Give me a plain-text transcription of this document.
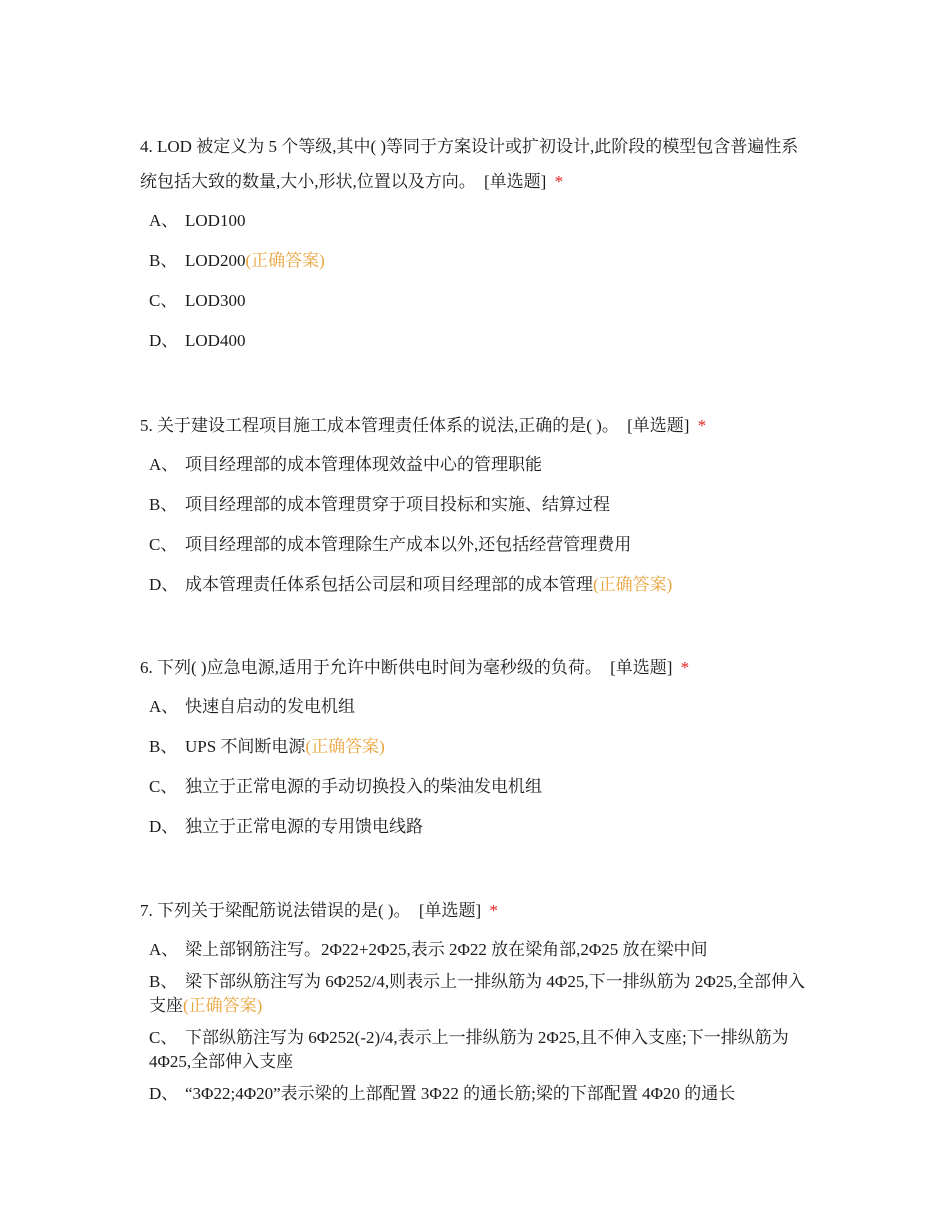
4. LOD 被定义为 5 个等级,其中( )等同于方案设计或扩初设计,此阶段的模型包含普遍性系统包括大致的数量,大小,形状,位置以及方向。 [单选题] *
A、 LOD100
B、 LOD200(正确答案)
C、 LOD300
D、 LOD400
5. 关于建设工程项目施工成本管理责任体系的说法,正确的是( )。 [单选题] *
A、 项目经理部的成本管理体现效益中心的管理职能
B、 项目经理部的成本管理贯穿于项目投标和实施、结算过程
C、 项目经理部的成本管理除生产成本以外,还包括经营管理费用
D、 成本管理责任体系包括公司层和项目经理部的成本管理(正确答案)
6. 下列( )应急电源,适用于允许中断供电时间为毫秒级的负荷。 [单选题] *
A、 快速自启动的发电机组
B、 UPS 不间断电源(正确答案)
C、 独立于正常电源的手动切换投入的柴油发电机组
D、 独立于正常电源的专用馈电线路
7. 下列关于梁配筋说法错误的是( )。 [单选题] *
A、 梁上部钢筋注写。2Φ22+2Φ25,表示 2Φ22 放在梁角部,2Φ25 放在梁中间
B、 梁下部纵筋注写为 6Φ252/4,则表示上一排纵筋为 4Φ25,下一排纵筋为 2Φ25,全部伸入支座(正确答案)
C、 下部纵筋注写为 6Φ252(-2)/4,表示上一排纵筋为 2Φ25,且不伸入支座;下一排纵筋为 4Φ25,全部伸入支座
D、 “3Φ22;4Φ20”表示梁的上部配置 3Φ22 的通长筋;梁的下部配置 4Φ20 的通长
